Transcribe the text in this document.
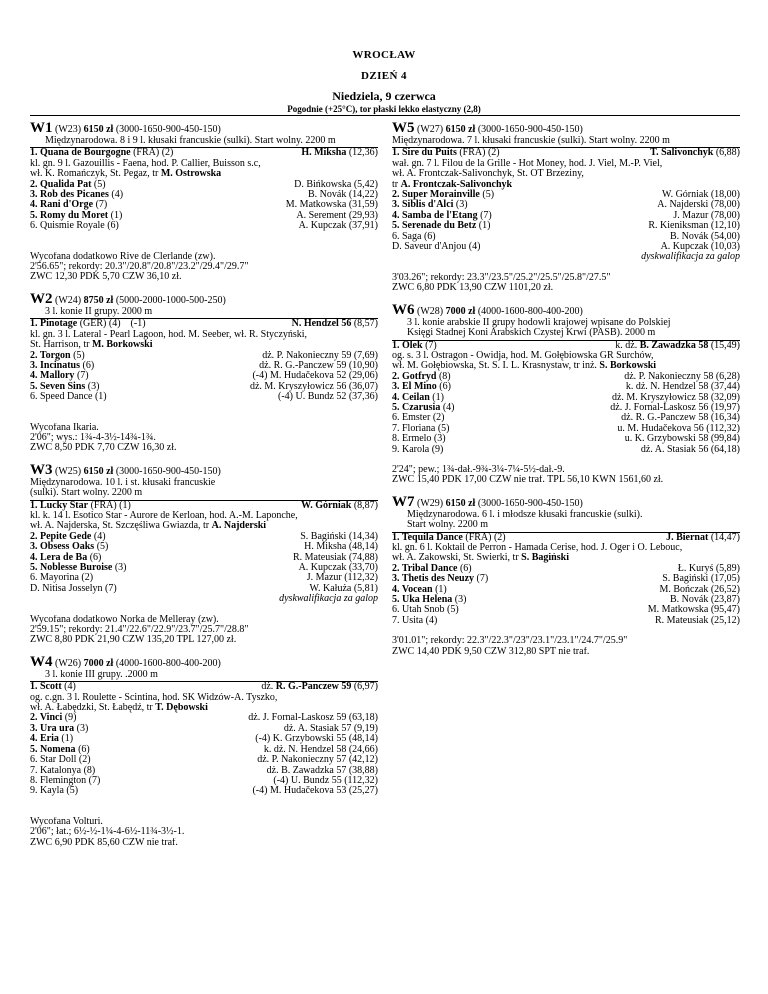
WROCŁAW
DZIEŃ 4
Niedziela, 9 czerwca
Pogodnie (+25°C), tor płaski lekko elastyczny (2,8)
W1 (W23) 6150 zł (3000-1650-900-450-150)
Międzynarodowa. 8 i 9 l. kłusaki francuskie (sulki). Start wolny. 2200 m
1. Quana de Bourgogne (FRA) (2)	H. Miksha (12,36)
kl. gn. 9 l. Gazouillis - Faena, hod. P. Callier, Buisson s.c,
wł. K. Romańczyk, St. Pegaz, tr M. Ostrowska
2. Qualida Pat (5)	D. Bińkowska (5,42)
3. Rob des Picanes (4)	B. Novák (14,22)
4. Rani d'Orge (7)	M. Matkowska (31,59)
5. Romy du Moret (1)	A. Serement (29,93)
6. Quismie Royale (6)	A. Kupczak (37,91)
Wycofana dodatkowo Rive de Clerlande (zw).
2'56.65"; rekordy: 20.3"/20.8"/20.8"/23.2"/29.4"/29.7"
ZWC 12,30 PDK 5,70 CZW 36,10 zł.
W2 (W24) 8750 zł (5000-2000-1000-500-250)
3 l. konie II grupy. 2000 m
1. Pinotage (GER) (4)    (-1)	N. Hendzel 56 (8,57)
kl. gn. 3 l. Lateral - Pearl Lagoon, hod. M. Seeber, wł. R. Styczyński,
St. Harrison, tr M. Borkowski
2. Torgon (5)	dż. P. Nakonieczny 59 (7,69)
3. Incinatus (6)	dż. R. G.-Panczew 59 (10,90)
4. Mallory (7)	(-4) M. Hudačekova 52 (29,06)
5. Seven Sins (3)	dż. M. Kryszyłowicz 56 (36,07)
6. Speed Dance (1)	(-4) U. Bundz 52 (37,36)
Wycofana Ikaria.
2'06"; wys.: 1¾-4-3½-14¾-1¾.
ZWC 8,50 PDK 7,70 CZW 16,30 zł.
W3 (W25) 6150 zł (3000-1650-900-450-150)
Międzynarodowa. 10 l. i st. kłusaki francuskie
(sulki). Start wolny. 2200 m
1. Lucky Star (FRA) (1)	W. Górniak (8,87)
kl. k. 14 l. Esotico Star - Aurore de Kerloan, hod. A.-M. Laponche,
wł. A. Najderska, St. Szczęśliwa Gwiazda, tr A. Najderski
2. Pepite Gede (4)	S. Bagiński (14,34)
3. Obsess Oaks (5)	H. Miksha (48,14)
4. Lera de Ba (6)	R. Mateusiak (74,88)
5. Noblesse Buroise (3)	A. Kupczak (33,70)
6. Mayorina (2)	J. Mazur (112,32)
D. Nitisa Josselyn (7)	W. Kałuża (5,81)
dyskwalifikacja za galop
Wycofana dodatkowo Norka de Melleray (zw).
2'59.15"; rekordy: 21.4"/22.6"/22.9"/23.7"/25.7"/28.8"
ZWC 8,80 PDK 21,90 CZW 135,20 TPL 127,00 zł.
W4 (W26) 7000 zł (4000-1600-800-400-200)
3 l. konie III grupy. .2000 m
1. Scott (4)	dż. R. G.-Panczew 59 (6,97)
og. c.gn. 3 l. Roulette - Scintina, hod. SK Widzów-A. Tyszko,
wł. A. Łabędzki, St. Łabędź, tr T. Dębowski
2. Vinci (9)	dż. J. Fornal-Laskosz 59 (63,18)
3. Ura ura (3)	dż. A. Stasiak 57 (9,19)
4. Eria (1)	(-4) K. Grzybowski 55 (48,14)
5. Nomena (6)	k. dż. N. Hendzel 58 (24,66)
6. Star Doll (2)	dż. P. Nakonieczny 57 (42,12)
7. Katalonya (8)	dż. B. Zawadzka 57 (38,88)
8. Flemington (7)	(-4) U. Bundz 55 (112,32)
9. Kayla (5)	(-4) M. Hudačekova 53 (25,27)
Wycofana Volturi.
2'06"; łat.; 6½-½-1¼-4-6½-11¾-3½-1.
ZWC 6,90 PDK 85,60 CZW nie traf.
W5 (W27) 6150 zł (3000-1650-900-450-150)
Międzynarodowa. 7 l. kłusaki francuskie (sulki). Start wolny. 2200 m
1. Sire du Puits (FRA) (2)	T. Salivonchyk (6,88)
wał. gn. 7 l. Filou de la Grille - Hot Money, hod. J. Viel, M.-P. Viel,
wł. A. Frontczak-Salivonchyk, St. OT Brzeziny,
tr A. Frontczak-Salivonchyk
2. Super Morainville (5)	W. Górniak (18,00)
3. Siblis d'Alci (3)	A. Najderski (78,00)
4. Samba de l'Etang (7)	J. Mazur (78,00)
5. Serenade du Betz (1)	R. Kieniksman (12,10)
6. Saga (6)	B. Novák (54,00)
D. Saveur d'Anjou (4)	A. Kupczak (10,03)
dyskwalifikacja za galop
3'03.26"; rekordy: 23.3"/23.5"/25.2"/25.5"/25.8"/27.5"
ZWC 6,80 PDK 13,90 CZW 1101,20 zł.
W6 (W28) 7000 zł (4000-1600-800-400-200)
3 l. konie arabskie II grupy hodowli krajowej wpisane do Polskiej
Księgi Stadnej Koni Arabskich Czystej Krwi (PASB). 2000 m
1. Olek (7)	k. dż. B. Zawadzka 58 (15,49)
og. s. 3 l. Ostragon - Owidja, hod. M. Gołębiowska GR Surchów,
wł. M. Gołębiowska, St. S. I. L. Krasnystaw, tr inż. S. Borkowski
2. Gotfryd (8)	dż. P. Nakonieczny 58 (6,28)
3. El Mino (6)	k. dż. N. Hendzel 58 (37,44)
4. Ceilan (1)	dż. M. Kryszyłowicz 58 (32,09)
5. Czarusia (4)	dż. J. Fornal-Laskosz 56 (19,97)
6. Emster (2)	dż. R. G.-Panczew 58 (16,34)
7. Floriana (5)	u. M. Hudačekova 56 (112,32)
8. Ermelo (3)	u. K. Grzybowski 58 (99,84)
9. Karola (9)	dż. A. Stasiak 56 (64,18)
2'24"; pew.; 1¾-dał.-9¾-3¼-7¼-5½-dał.-9.
ZWC 15,40 PDK 17,00 CZW nie traf. TPL 56,10 KWN 1561,60 zł.
W7 (W29) 6150 zł (3000-1650-900-450-150)
Międzynarodowa. 6 l. i młodsze kłusaki francuskie (sulki).
Start wolny. 2200 m
1. Tequila Dance (FRA) (2)	J. Biernat (14,47)
kl. gn. 6 l. Koktail de Perron - Hamada Cerise, hod. J. Oger i O. Lebouc,
wł. A. Żakowski, St. Świerki, tr S. Bagiński
2. Tribal Dance (6)	Ł. Kuryś (5,89)
3. Thetis des Neuzy (7)	S. Bagiński (17,05)
4. Vocean (1)	M. Bończak (26,52)
5. Uka Helena (3)	B. Novák (23,87)
6. Utah Snob (5)	M. Matkowska (95,47)
7. Usita (4)	R. Mateusiak (25,12)
3'01.01"; rekordy: 22.3"/22.3"/23"/23.1"/23.1"/24.7"/25.9"
ZWC 14,40 PDK 9,50 CZW 312,80 SPT nie traf.
